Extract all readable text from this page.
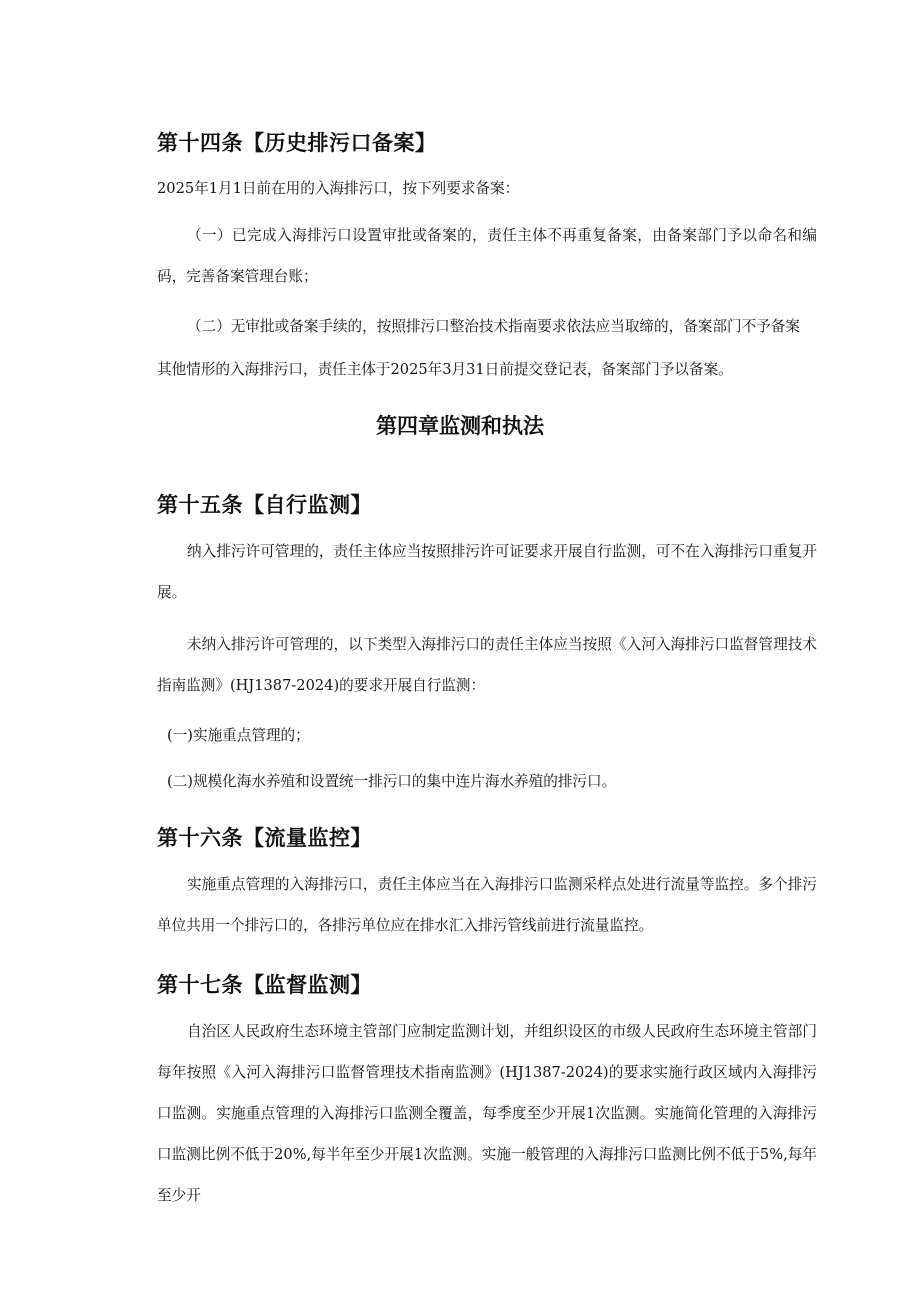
第十四条【历史排污口备案】

2025年1月1日前在用的入海排污口，按下列要求备案：

（一）已完成入海排污口设置审批或备案的，责任主体不再重复备案，由备案部门予以命名和编码，完善备案管理台账；

（二）无审批或备案手续的，按照排污口整治技术指南要求依法应当取缔的，备案部门不予备案

其他情形的入海排污口，责任主体于2025年3月31日前提交登记表，备案部门予以备案。

第四章监测和执法
第十五条【自行监测】

纳入排污许可管理的，责任主体应当按照排污许可证要求开展自行监测，可不在入海排污口重复开展。

未纳入排污许可管理的，以下类型入海排污口的责任主体应当按照《入河入海排污口监督管理技术指南监测》(HJ1387-2024)的要求开展自行监测：

(一)实施重点管理的；

(二)规模化海水养殖和设置统一排污口的集中连片海水养殖的排污口。

第十六条【流量监控】

实施重点管理的入海排污口，责任主体应当在入海排污口监测采样点处进行流量等监控。多个排污单位共用一个排污口的，各排污单位应在排水汇入排污管线前进行流量监控。

第十七条【监督监测】

自治区人民政府生态环境主管部门应制定监测计划，并组织设区的市级人民政府生态环境主管部门每年按照《入河入海排污口监督管理技术指南监测》(HJ1387-2024)的要求实施行政区域内入海排污口监测。实施重点管理的入海排污口监测全覆盖，每季度至少开展1次监测。实施简化管理的入海排污口监测比例不低于20%,每半年至少开展1次监测。实施一般管理的入海排污口监测比例不低于5%,每年至少开
